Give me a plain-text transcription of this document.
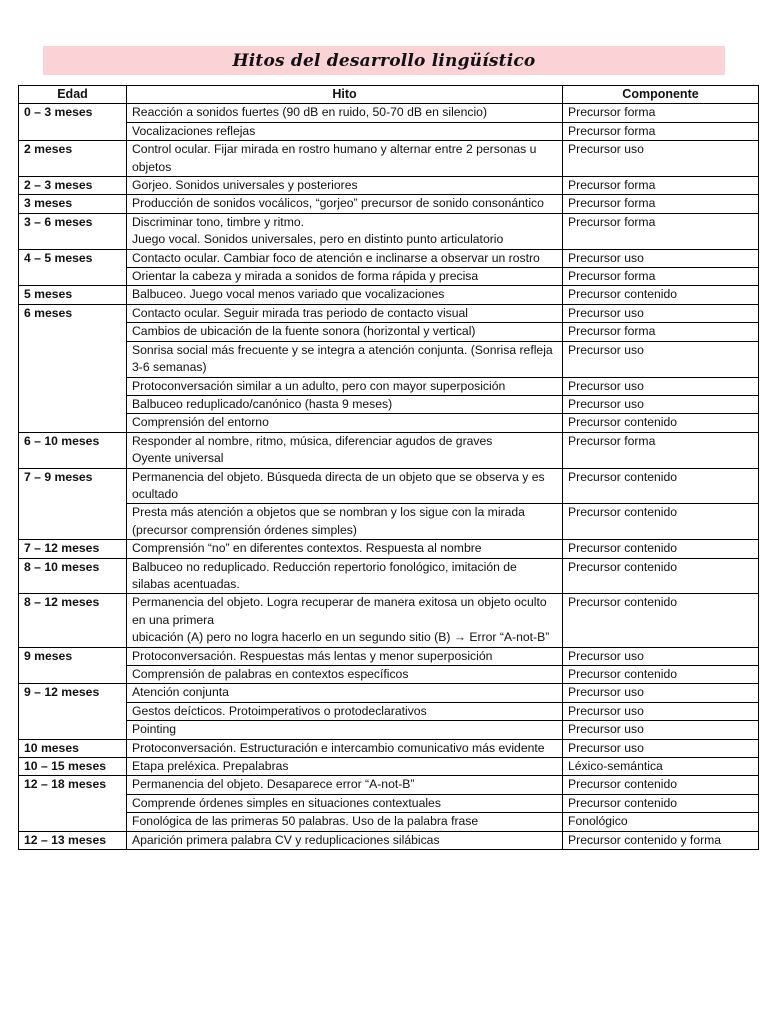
Hitos del desarrollo lingüístico
Edad	Hito	Componente
0 – 3 meses	Reacción a sonidos fuertes (90 dB en ruido, 50-70 dB en silencio)	Precursor forma

	Vocalizaciones reflejas	Precursor forma
2 meses	Control ocular. Fijar mirada en rostro humano y alternar entre 2 personas u objetos	Precursor uso
2 – 3 meses	Gorjeo. Sonidos universales y posteriores	Precursor forma
3 meses	Producción de sonidos vocálicos, “gorjeo” precursor de sonido consonántico	Precursor forma
3 – 6 meses	Discriminar tono, timbre y ritmo.
Juego vocal. Sonidos universales, pero en distinto punto articulatorio	Precursor forma
4 – 5 meses	Contacto ocular. Cambiar foco de atención e inclinarse a observar un rostro	Precursor uso

	Orientar la cabeza y mirada a sonidos de forma rápida y precisa	Precursor forma
5 meses	Balbuceo. Juego vocal menos variado que vocalizaciones	Precursor contenido
6 meses	Contacto ocular. Seguir mirada tras periodo de contacto visual	Precursor uso

	Cambios de ubicación de la fuente sonora (horizontal y vertical)	Precursor forma

	Sonrisa social más frecuente y se integra a atención conjunta. (Sonrisa refleja 3-6 semanas)	Precursor uso

	Protoconversación similar a un adulto, pero con mayor superposición	Precursor uso

	Balbuceo reduplicado/canónico (hasta 9 meses)	Precursor uso

	Comprensión del entorno	Precursor contenido
6 – 10 meses	Responder al nombre, ritmo, música, diferenciar agudos de graves
Oyente universal	Precursor forma
7 – 9 meses	Permanencia del objeto. Búsqueda directa de un objeto que se observa y es ocultado	Precursor contenido

	Presta más atención a objetos que se nombran y los sigue con la mirada (precursor comprensión órdenes simples)	Precursor contenido
7 – 12 meses	Comprensión “no” en diferentes contextos. Respuesta al nombre	Precursor contenido
8 – 10 meses	Balbuceo no reduplicado. Reducción repertorio fonológico, imitación de silabas acentuadas.	Precursor contenido
8 – 12 meses	Permanencia del objeto. Logra recuperar de manera exitosa un objeto oculto en una primera
ubicación (A) pero no logra hacerlo en un segundo sitio (B) → Error “A-not-B”	Precursor contenido
9 meses	Protoconversación. Respuestas más lentas y menor superposición	Precursor uso

	Comprensión de palabras en contextos específicos	Precursor contenido
9 – 12 meses	Atención conjunta	Precursor uso

	Gestos deícticos. Protoimperativos o protodeclarativos	Precursor uso

	Pointing	Precursor uso
10 meses	Protoconversación. Estructuración e intercambio comunicativo más evidente	Precursor uso
10 – 15 meses	Etapa preléxica. Prepalabras	Léxico-semántica
12 – 18 meses	Permanencia del objeto. Desaparece error “A-not-B”	Precursor contenido

	Comprende órdenes simples en situaciones contextuales	Precursor contenido

	Fonológica de las primeras 50 palabras. Uso de la palabra frase	Fonológico
12 – 13 meses	Aparición primera palabra CV y reduplicaciones silábicas	Precursor contenido y forma
